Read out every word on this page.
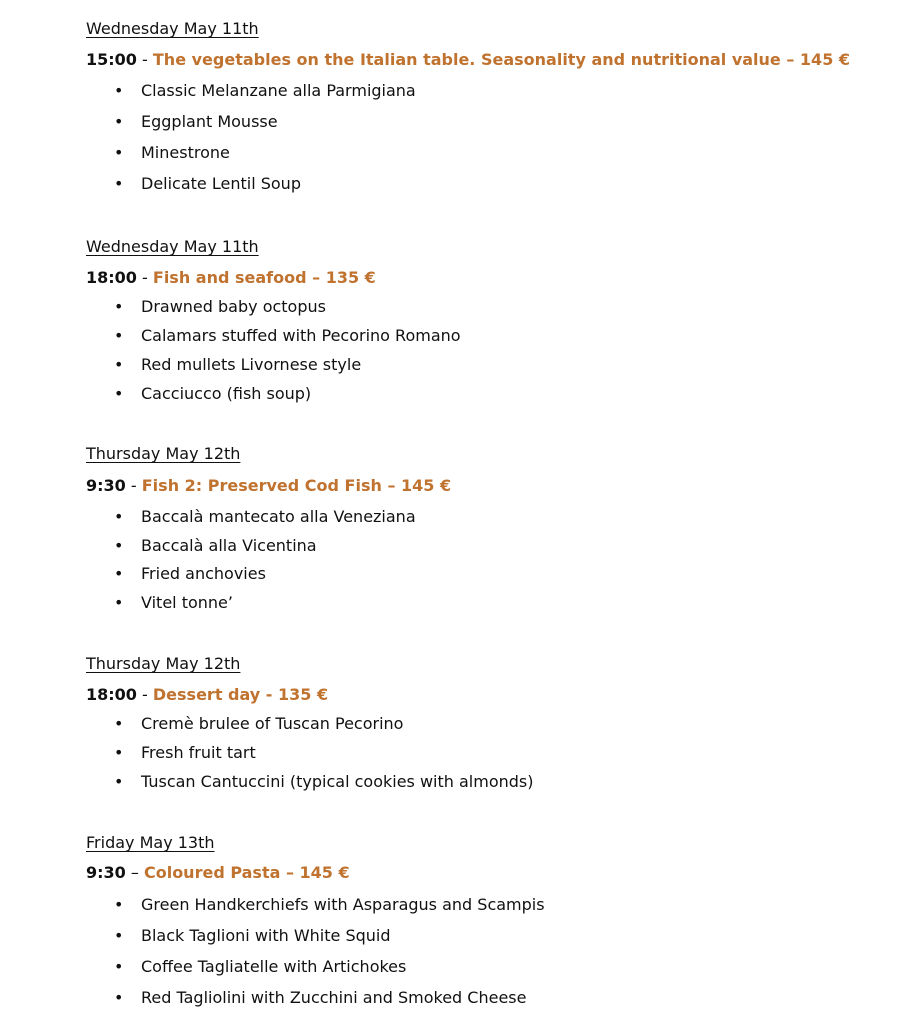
Wednesday May 11th
15:00 - The vegetables on the Italian table. Seasonality and nutritional value – 145 €
•	Classic Melanzane alla Parmigiana
•	Eggplant Mousse
•	Minestrone
•	Delicate Lentil Soup
Wednesday May 11th
18:00 - Fish and seafood – 135 €
•	Drawned baby octopus
•	Calamars stuffed with Pecorino Romano
•	Red mullets Livornese style
•	Cacciucco (fish soup)
Thursday May 12th
9:30 - Fish 2: Preserved Cod Fish – 145 €
•	Baccalà mantecato alla Veneziana
•	Baccalà alla Vicentina
•	Fried anchovies
•	Vitel tonne’
Thursday May 12th
18:00 - Dessert day - 135 €
•	Cremè brulee of Tuscan Pecorino
•	Fresh fruit tart
•	Tuscan Cantuccini (typical cookies with almonds)
Friday May 13th
9:30 – Coloured Pasta – 145 €
•	Green Handkerchiefs with Asparagus and Scampis
•	Black Taglioni with White Squid
•	Coffee Tagliatelle with Artichokes
•	Red Tagliolini with Zucchini and Smoked Cheese
